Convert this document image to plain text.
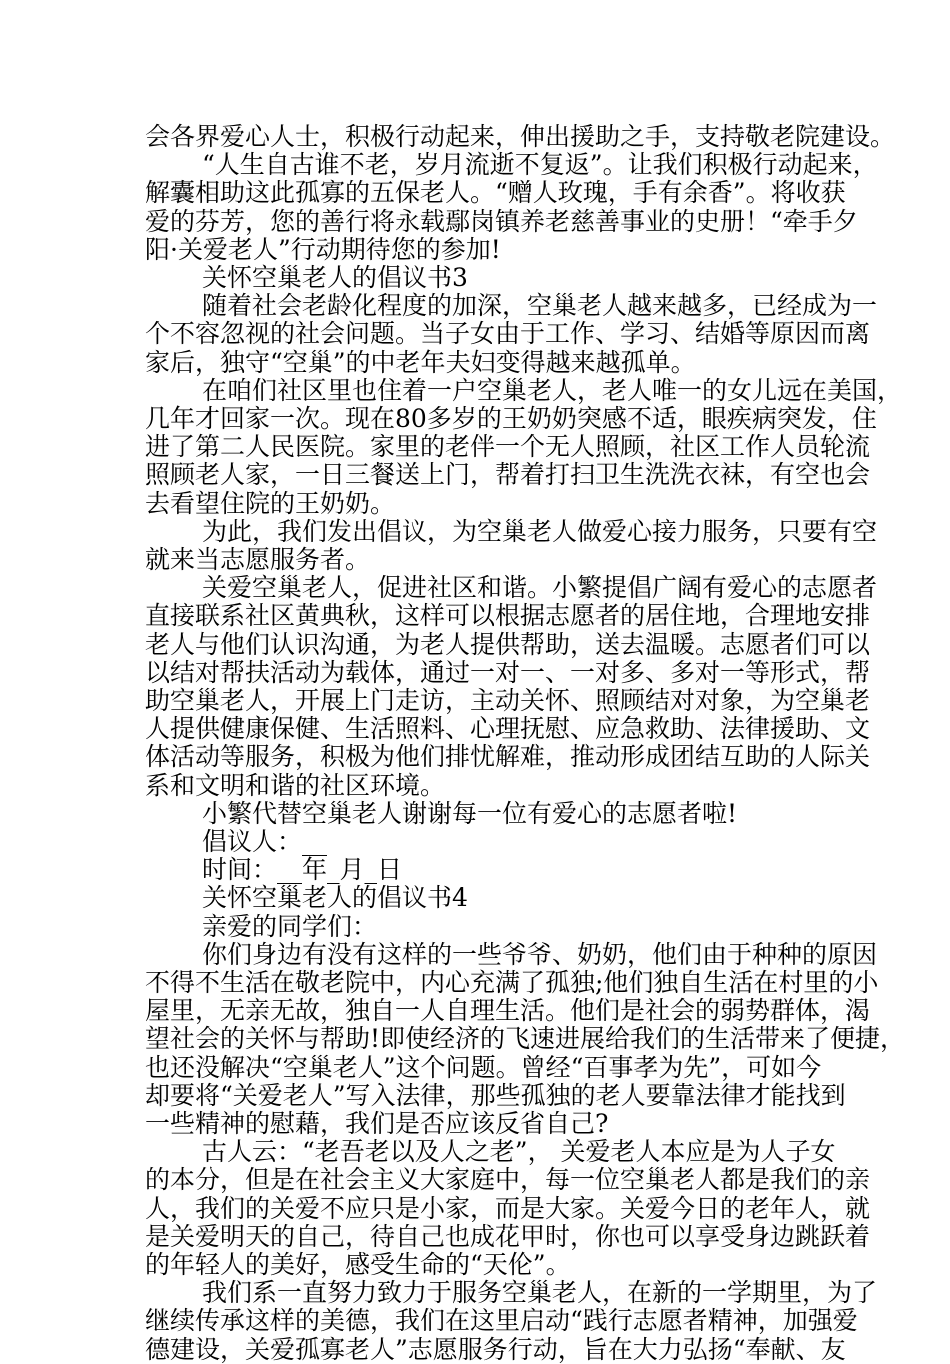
会各界爱心人士，积极行动起来，伸出援助之手，支持敬老院建设。
“人生自古谁不老，岁月流逝不复返”。让我们积极行动起来，
解囊相助这此孤寡的五保老人。“赠人玫瑰，手有余香”。将收获
爱的芬芳，您的善行将永载鄢岗镇养老慈善事业的史册！“牵手夕
阳·关爱老人”行动期待您的参加!
关怀空巢老人的倡议书3
随着社会老龄化程度的加深，空巢老人越来越多，已经成为一
个不容忽视的社会问题。当子女由于工作、学习、结婚等原因而离
家后，独守“空巢”的中老年夫妇变得越来越孤单。
在咱们社区里也住着一户空巢老人，老人唯一的女儿远在美国，
几年才回家一次。现在80多岁的王奶奶突感不适，眼疾病突发，住
进了第二人民医院。家里的老伴一个无人照顾，社区工作人员轮流
照顾老人家，一日三餐送上门，帮着打扫卫生洗洗衣袜，有空也会
去看望住院的王奶奶。
为此，我们发出倡议，为空巢老人做爱心接力服务，只要有空
就来当志愿服务者。
关爱空巢老人，促进社区和谐。小繁提倡广阔有爱心的志愿者
直接联系社区黄典秋，这样可以根据志愿者的居住地，合理地安排
老人与他们认识沟通，为老人提供帮助，送去温暖。志愿者们可以
以结对帮扶活动为载体，通过一对一、一对多、多对一等形式，帮
助空巢老人，开展上门走访，主动关怀、照顾结对对象，为空巢老
人提供健康保健、生活照料、心理抚慰、应急救助、法律援助、文
体活动等服务，积极为他们排忧解难，推动形成团结互助的人际关
系和文明和谐的社区环境。
小繁代替空巢老人谢谢每一位有爱心的志愿者啦!
倡议人：__
时间：__年_月_日
关怀空巢老人的倡议书4
亲爱的同学们：
你们身边有没有这样的一些爷爷、奶奶，他们由于种种的原因
不得不生活在敬老院中，内心充满了孤独;他们独自生活在村里的小
屋里，无亲无故，独自一人自理生活。他们是社会的弱势群体，渴
望社会的关怀与帮助!即使经济的飞速进展给我们的生活带来了便捷，
也还没解决“空巢老人”这个问题。曾经“百事孝为先”，可如今
却要将“关爱老人”写入法律，那些孤独的老人要靠法律才能找到
一些精神的慰藉，我们是否应该反省自己?
古人云：“老吾老以及人之老”， 关爱老人本应是为人子女
的本分，但是在社会主义大家庭中，每一位空巢老人都是我们的亲
人，我们的关爱不应只是小家，而是大家。关爱今日的老年人，就
是关爱明天的自己，待自己也成花甲时，你也可以享受身边跳跃着
的年轻人的美好，感受生命的“天伦”。
我们系一直努力致力于服务空巢老人，在新的一学期里，为了
继续传承这样的美德，我们在这里启动“践行志愿者精神，加强爱
德建设，关爱孤寡老人”志愿服务行动，旨在大力弘扬“奉献、友
